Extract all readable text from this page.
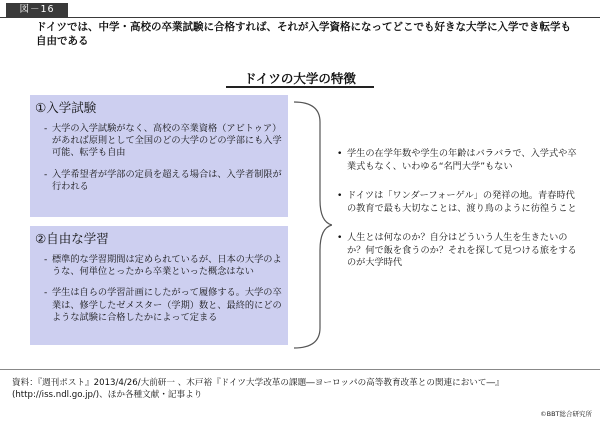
図－16
ドイツでは、中学・高校の卒業試験に合格すれば、それが入学資格になってどこでも好きな大学に入学でき転学も自由である
ドイツの大学の特徴
①入学試験
- 大学の入学試験がなく、高校の卒業資格（アビトゥア）があれば原則として全国のどの大学のどの学部にも入学可能、転学も自由
- 入学希望者が学部の定員を超える場合は、入学者制限が行われる
②自由な学習
- 標準的な学習期間は定められているが、日本の大学のような、何単位とったから卒業といった概念はない
- 学生は自らの学習計画にしたがって履修する。大学の卒業は、修学したゼメスター（学期）数と、最終的にどのような試験に合格したかによって定まる
• 学生の在学年数や学生の年齢はバラバラで、入学式や卒業式もなく、いわゆる“名門大学”もない
• ドイツは「ワンダーフォーゲル」の発祥の地。青春時代の教育で最も大切なことは、渡り鳥のように彷徨うこと
• 人生とは何なのか？自分はどういう人生を生きたいのか？何で飯を食うのか？それを探して見つける旅をするのが大学時代
資料：『週刊ポスト』2013/4/26/大前研一 、木戸裕『ドイツ大学改革の課題―ヨーロッパの高等教育改革との関連において―』(http://iss.ndl.go.jp/)、ほか各種文献・記事より
©BBT総合研究所
